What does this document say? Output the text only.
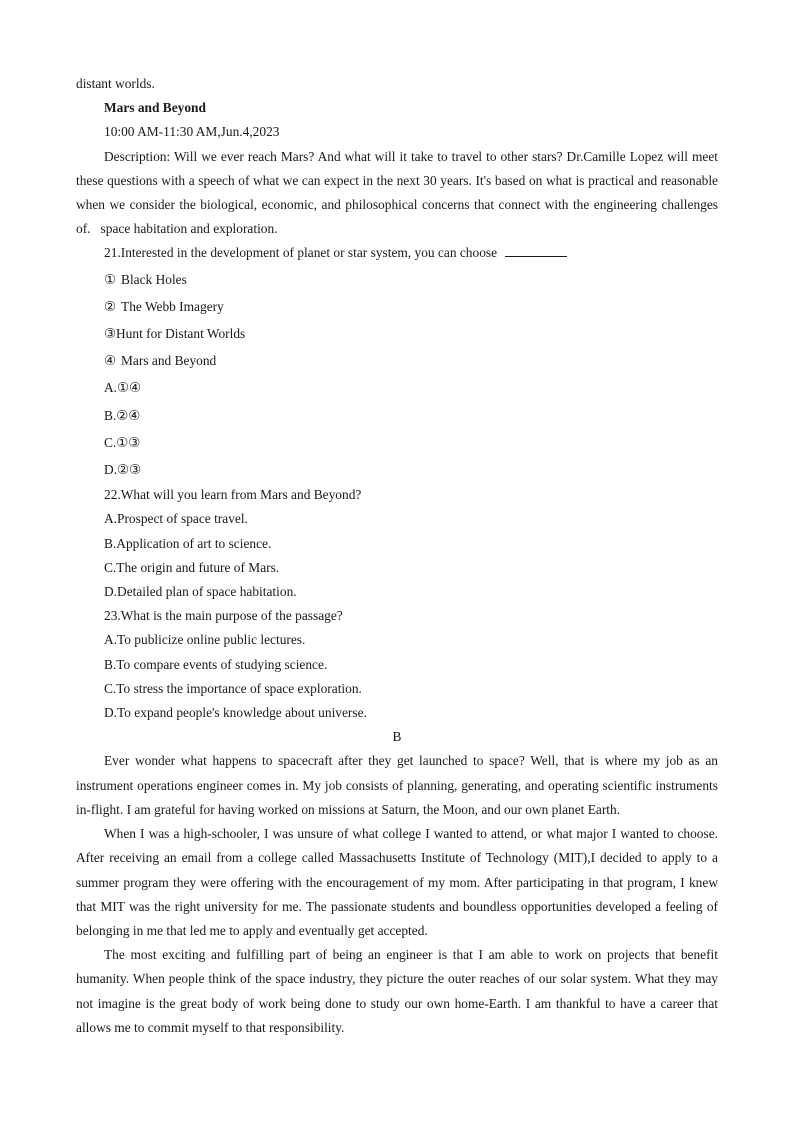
distant worlds.

Mars and Beyond

10:00 AM-11:30 AM,Jun.4,2023

Description: Will we ever reach Mars? And what will it take to travel to other stars? Dr.Camille Lopez will meet these questions with a speech of what we can expect in the next 30 years. It's based on what is practical and reasonable when we consider the biological, economic, and philosophical concerns that connect with the engineering challenges of.   space habitation and exploration.

21.Interested in the development of planet or star system, you can choose

① Black Holes

② The Webb Imagery

③Hunt for Distant Worlds

④ Mars and Beyond

A.①④

B.②④

C.①③

D.②③

22.What will you learn from Mars and Beyond?

A.Prospect of space travel.

B.Application of art to science.

C.The origin and future of Mars.

D.Detailed plan of space habitation.

23.What is the main purpose of the passage?

A.To publicize online public lectures.

B.To compare events of studying science.

C.To stress the importance of space exploration.

D.To expand people's knowledge about universe.

B

Ever wonder what happens to spacecraft after they get launched to space? Well, that is where my job as an instrument operations engineer comes in. My job consists of planning, generating, and operating scientific instruments in-flight. I am grateful for having worked on missions at Saturn, the Moon, and our own planet Earth.

When I was a high-schooler, I was unsure of what college I wanted to attend, or what major I wanted to choose. After receiving an email from a college called Massachusetts Institute of Technology (MIT),I decided to apply to a summer program they were offering with the encouragement of my mom. After participating in that program, I knew that MIT was the right university for me. The passionate students and boundless opportunities developed a feeling of belonging in me that led me to apply and eventually get accepted.

The most exciting and fulfilling part of being an engineer is that I am able to work on projects that benefit humanity. When people think of the space industry, they picture the outer reaches of our solar system. What they may not imagine is the great body of work being done to study our own home-Earth. I am thankful to have a career that allows me to commit myself to that responsibility.
